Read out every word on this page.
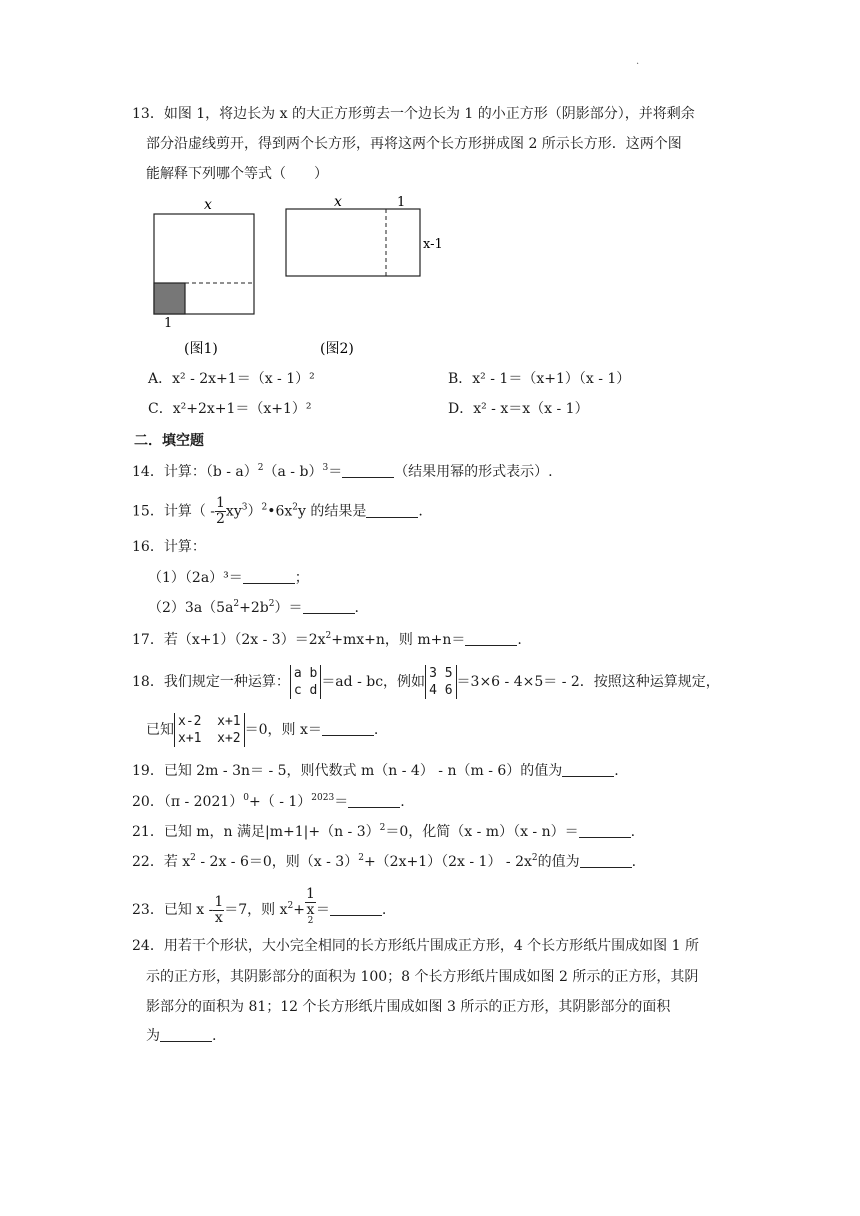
.
13．如图 1，将边长为 x 的大正方形剪去一个边长为 1 的小正方形（阴影部分），并将剩余
部分沿虚线剪开，得到两个长方形，再将这两个长方形拼成图 2 所示长方形．这两个图
能解释下列哪个等式（　　）
x
1
(图1)
x	1
x-1
(图2)
A．x² - 2x+1＝（x - 1）²	B．x² - 1＝（x+1）（x - 1）
C．x²+2x+1＝（x+1）²	D．x² - x＝x（x - 1）
二．填空题
14．计算：（b - a）$^2$（a - b）$^3$＝	（结果用幂的形式表示）.
15．计算（ - $\frac{1}{2}$ $xy^3)^2•6x^2y$ 的结果是	.
16．计算：
（1）（2a）³＝	；
$(2)3a(5a^2+2b^2)=$	.
17．若$(x+1)(2x - 3)=2x^2+mx+n$，则 m+n＝	.
18．我们规定一种运算：
a b
c d
＝ad - bc，例如
3 5
4 6
＝3×6 - 4×5＝ - 2．按照这种运算规定，
已知
x-2  x+1
x+1  x+2
＝0，则 x＝	.
19．已知 2m - 3n＝ - 5，则代数式 m（n - 4） - n（m - 6）的值为	.
20．（π - 2021）$^0$+（ - 1）$^{2023}$＝	.
21．已知 m，n 满足|m+1|+（n - 3）$^2$＝0，化简（x - m）（x - n）＝	.
22．若 $x^2 - 2x - 6=0$，则$(x - 3)^2+(2x+1)(2x - 1) - 2x^2$的值为	.
23．已知 $x - \frac{1}{x} =7$，则 $x^2+ 1$
x
$^2$ ＝	.
24．用若干个形状，大小完全相同的长方形纸片围成正方形，4 个长方形纸片围成如图 1 所
示的正方形，其阴影部分的面积为 100；8 个长方形纸片围成如图 2 所示的正方形，其阴
影部分的面积为 81；12 个长方形纸片围成如图 3 所示的正方形，其阴影部分的面积
为	.
